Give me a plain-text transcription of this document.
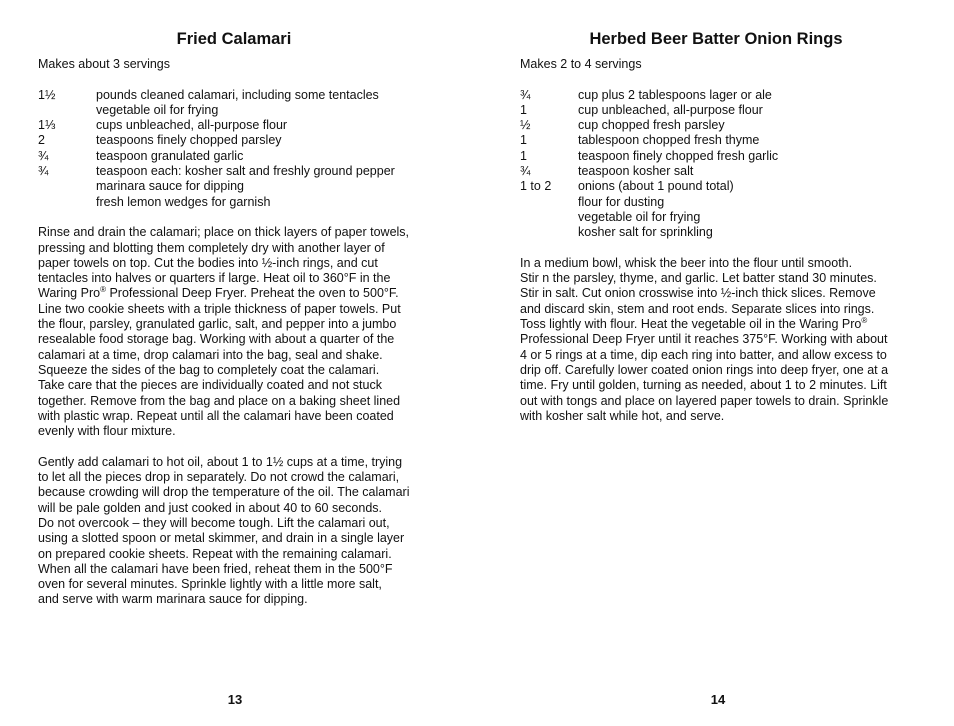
Fried Calamari
Makes about 3 servings
1½	pounds cleaned calamari, including some tentacles
vegetable oil for frying
1⅓	cups unbleached, all-purpose flour
2	teaspoons finely chopped parsley
¾	teaspoon granulated garlic
¾	teaspoon each: kosher salt and freshly ground pepper
marinara sauce for dipping
fresh lemon wedges for garnish
Rinse and drain the calamari; place on thick layers of paper towels,
pressing and blotting them completely dry with another layer of
paper towels on top. Cut the bodies into ½-inch rings, and cut
tentacles into halves or quarters if large. Heat oil to 360°F in the
Waring Pro® Professional Deep Fryer. Preheat the oven to 500°F.
Line two cookie sheets with a triple thickness of paper towels. Put
the flour, parsley, granulated garlic, salt, and pepper into a jumbo
resealable food storage bag. Working with about a quarter of the
calamari at a time, drop calamari into the bag, seal and shake.
Squeeze the sides of the bag to completely coat the calamari.
Take care that the pieces are individually coated and not stuck
together. Remove from the bag and place on a baking sheet lined
with plastic wrap. Repeat until all the calamari have been coated
evenly with flour mixture.
Gently add calamari to hot oil, about 1 to 1½ cups at a time, trying
to let all the pieces drop in separately. Do not crowd the calamari,
because crowding will drop the temperature of the oil. The calamari
will be pale golden and just cooked in about 40 to 60 seconds.
Do not overcook – they will become tough. Lift the calamari out,
using a slotted spoon or metal skimmer, and drain in a single layer
on prepared cookie sheets. Repeat with the remaining calamari.
When all the calamari have been fried, reheat them in the 500°F
oven for several minutes. Sprinkle lightly with a little more salt,
and serve with warm marinara sauce for dipping.
Herbed Beer Batter Onion Rings
Makes 2 to 4 servings
¾	cup plus 2 tablespoons lager or ale
1	cup unbleached, all-purpose flour
½	cup chopped fresh parsley
1	tablespoon chopped fresh thyme
1	teaspoon finely chopped fresh garlic
¾	teaspoon kosher salt
1 to 2	onions (about 1 pound total)
flour for dusting
vegetable oil for frying
kosher salt for sprinkling
In a medium bowl, whisk the beer into the flour until smooth.
Stir n the parsley, thyme, and garlic. Let batter stand 30 minutes.
Stir in salt. Cut onion crosswise into ½-inch thick slices. Remove
and discard skin, stem and root ends. Separate slices into rings.
Toss lightly with flour. Heat the vegetable oil in the Waring Pro®
Professional Deep Fryer until it reaches 375°F. Working with about
4 or 5 rings at a time, dip each ring into batter, and allow excess to
drip off. Carefully lower coated onion rings into deep fryer, one at a
time. Fry until golden, turning as needed, about 1 to 2 minutes. Lift
out with tongs and place on layered paper towels to drain. Sprinkle
with kosher salt while hot, and serve.
13	14
